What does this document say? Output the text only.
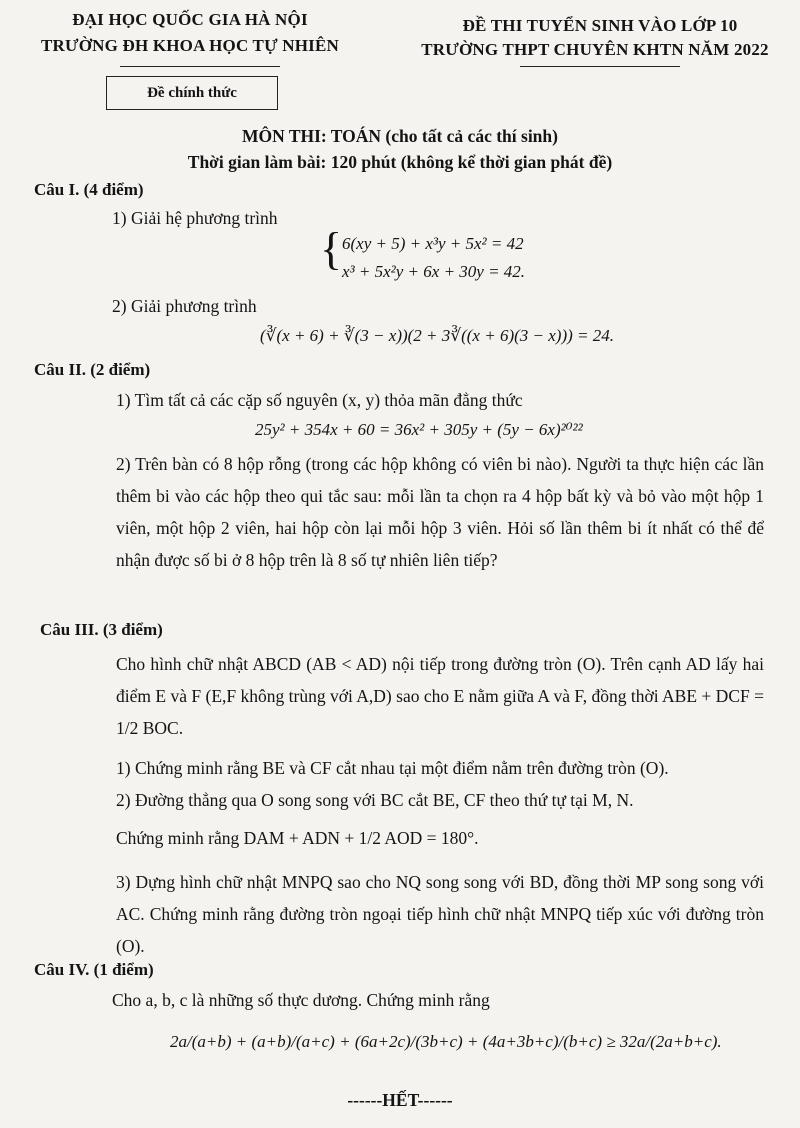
ĐẠI HỌC QUỐC GIA HÀ NỘI
TRƯỜNG ĐH KHOA HỌC TỰ NHIÊN
ĐỀ THI TUYỂN SINH VÀO LỚP 10
TRƯỜNG THPT CHUYÊN KHTN NĂM 2022
Đề chính thức
MÔN THI: TOÁN (cho tất cả các thí sinh)
Thời gian làm bài: 120 phút (không kể thời gian phát đề)
Câu I. (4 điểm)
1) Giải hệ phương trình
{ 6(xy + 5) + x³y + 5x² = 42
x³ + 5x²y + 6x + 30y = 42.
2) Giải phương trình
(∛(x + 6) + ∛(3 − x))(2 + 3∛((x + 6)(3 − x))) = 24.
Câu II. (2 điểm)
1) Tìm tất cả các cặp số nguyên (x, y) thỏa mãn đẳng thức
25y² + 354x + 60 = 36x² + 305y + (5y − 6x)²⁰²²
2) Trên bàn có 8 hộp rỗng (trong các hộp không có viên bi nào). Người ta thực hiện các lần thêm bi vào các hộp theo qui tắc sau: mỗi lần ta chọn ra 4 hộp bất kỳ và bỏ vào một hộp 1 viên, một hộp 2 viên, hai hộp còn lại mỗi hộp 3 viên. Hỏi số lần thêm bi ít nhất có thể để nhận được số bi ở 8 hộp trên là 8 số tự nhiên liên tiếp?
Câu III. (3 điểm)
Cho hình chữ nhật ABCD (AB < AD) nội tiếp trong đường tròn (O). Trên cạnh AD lấy hai điểm E và F (E,F không trùng với A,D) sao cho E nằm giữa A và F, đồng thời ABE + DCF = 1/2 BOC.
1) Chứng minh rằng BE và CF cắt nhau tại một điểm nằm trên đường tròn (O).
2) Đường thẳng qua O song song với BC cắt BE, CF theo thứ tự tại M, N.
Chứng minh rằng DAM + ADN + 1/2 AOD = 180°.
3) Dựng hình chữ nhật MNPQ sao cho NQ song song với BD, đồng thời MP song song với AC. Chứng minh rằng đường tròn ngoại tiếp hình chữ nhật MNPQ tiếp xúc với đường tròn (O).
Câu IV. (1 điểm)
Cho a, b, c là những số thực dương. Chứng minh rằng
2a/(a+b) + (a+b)/(a+c) + (6a+2c)/(3b+c) + (4a+3b+c)/(b+c) ≥ 32a/(2a+b+c).
------HẾT------
